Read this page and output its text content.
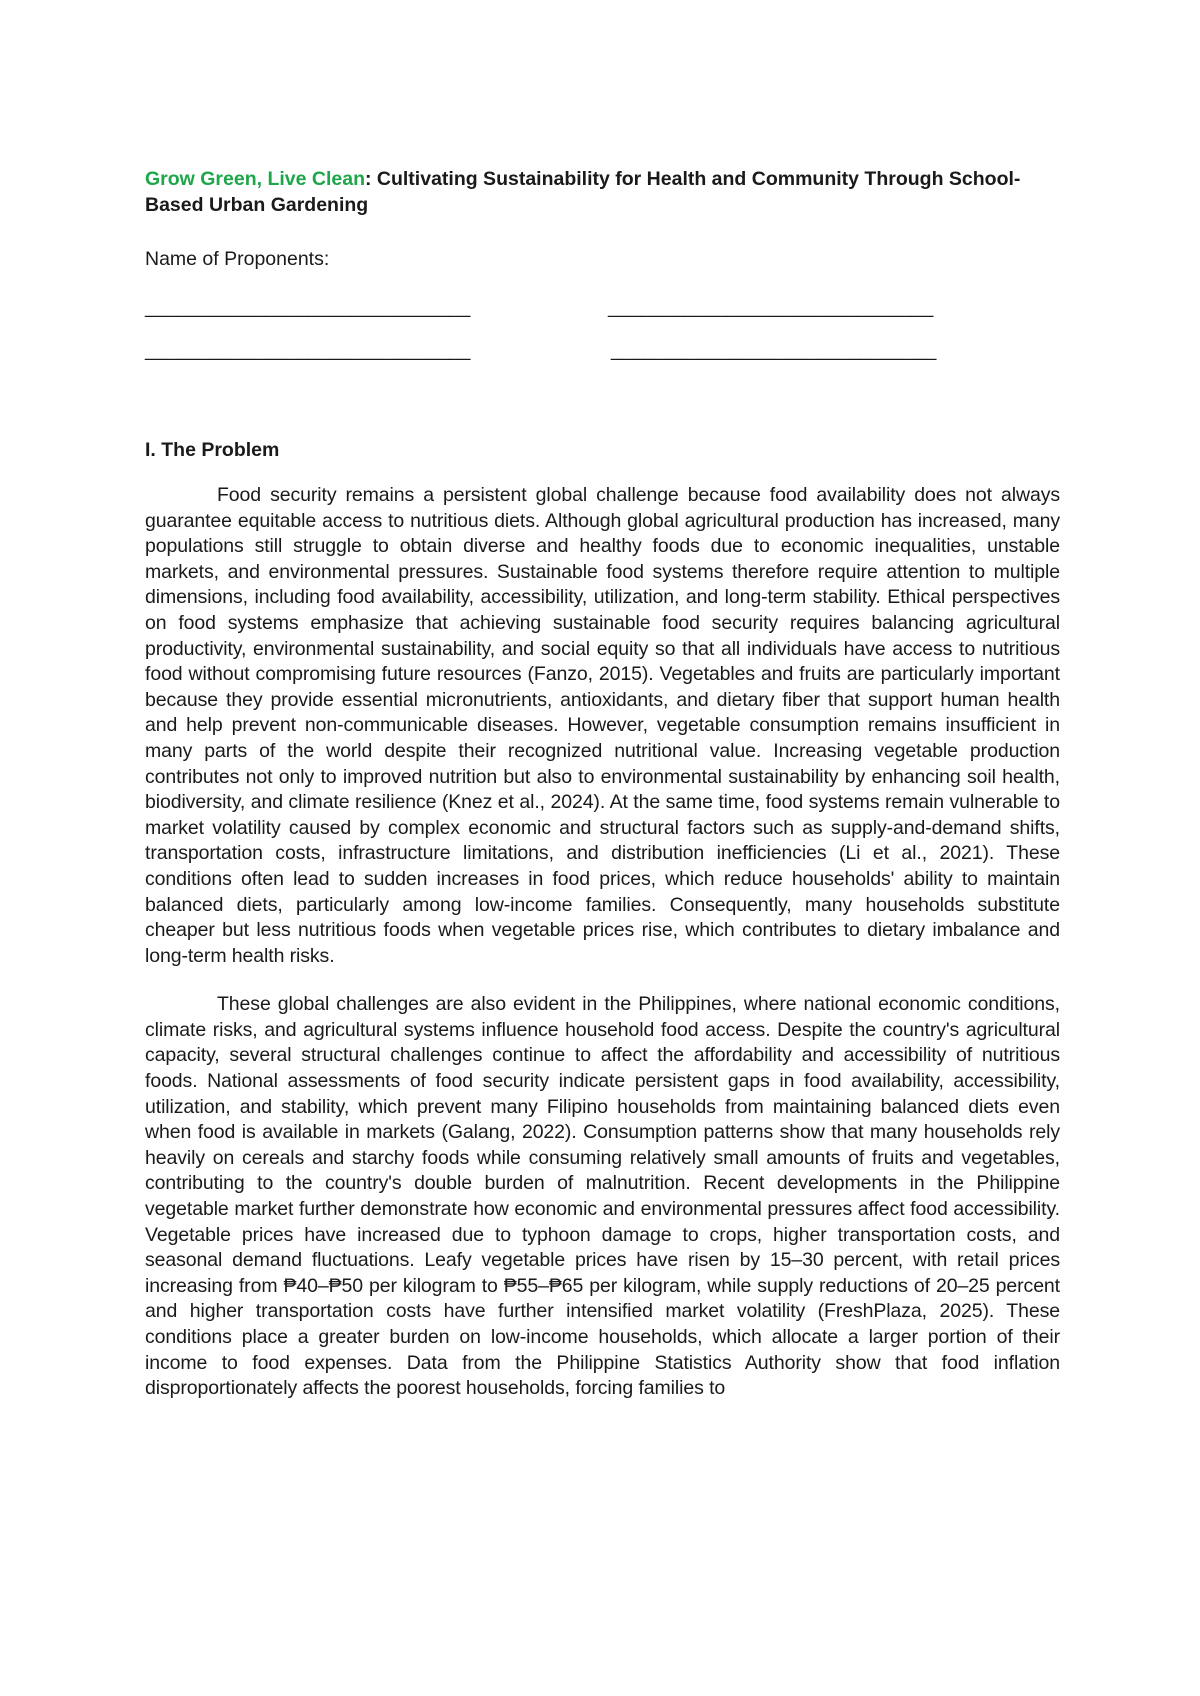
Grow Green, Live Clean: Cultivating Sustainability for Health and Community Through School-Based Urban Gardening

Name of Proponents:

______________________________	______________________________
______________________________	______________________________
I. The Problem

Food security remains a persistent global challenge because food availability does not always guarantee equitable access to nutritious diets. Although global agricultural production has increased, many populations still struggle to obtain diverse and healthy foods due to economic inequalities, unstable markets, and environmental pressures. Sustainable food systems therefore require attention to multiple dimensions, including food availability, accessibility, utilization, and long-term stability. Ethical perspectives on food systems emphasize that achieving sustainable food security requires balancing agricultural productivity, environmental sustainability, and social equity so that all individuals have access to nutritious food without compromising future resources (Fanzo, 2015). Vegetables and fruits are particularly important because they provide essential micronutrients, antioxidants, and dietary fiber that support human health and help prevent non-communicable diseases. However, vegetable consumption remains insufficient in many parts of the world despite their recognized nutritional value. Increasing vegetable production contributes not only to improved nutrition but also to environmental sustainability by enhancing soil health, biodiversity, and climate resilience (Knez et al., 2024). At the same time, food systems remain vulnerable to market volatility caused by complex economic and structural factors such as supply-and-demand shifts, transportation costs, infrastructure limitations, and distribution inefficiencies (Li et al., 2021). These conditions often lead to sudden increases in food prices, which reduce households' ability to maintain balanced diets, particularly among low-income families. Consequently, many households substitute cheaper but less nutritious foods when vegetable prices rise, which contributes to dietary imbalance and long-term health risks.

These global challenges are also evident in the Philippines, where national economic conditions, climate risks, and agricultural systems influence household food access. Despite the country's agricultural capacity, several structural challenges continue to affect the affordability and accessibility of nutritious foods. National assessments of food security indicate persistent gaps in food availability, accessibility, utilization, and stability, which prevent many Filipino households from maintaining balanced diets even when food is available in markets (Galang, 2022). Consumption patterns show that many households rely heavily on cereals and starchy foods while consuming relatively small amounts of fruits and vegetables, contributing to the country's double burden of malnutrition. Recent developments in the Philippine vegetable market further demonstrate how economic and environmental pressures affect food accessibility. Vegetable prices have increased due to typhoon damage to crops, higher transportation costs, and seasonal demand fluctuations. Leafy vegetable prices have risen by 15–30 percent, with retail prices increasing from ₱40–₱50 per kilogram to ₱55–₱65 per kilogram, while supply reductions of 20–25 percent and higher transportation costs have further intensified market volatility (FreshPlaza, 2025). These conditions place a greater burden on low-income households, which allocate a larger portion of their income to food expenses. Data from the Philippine Statistics Authority show that food inflation disproportionately affects the poorest households, forcing families to
